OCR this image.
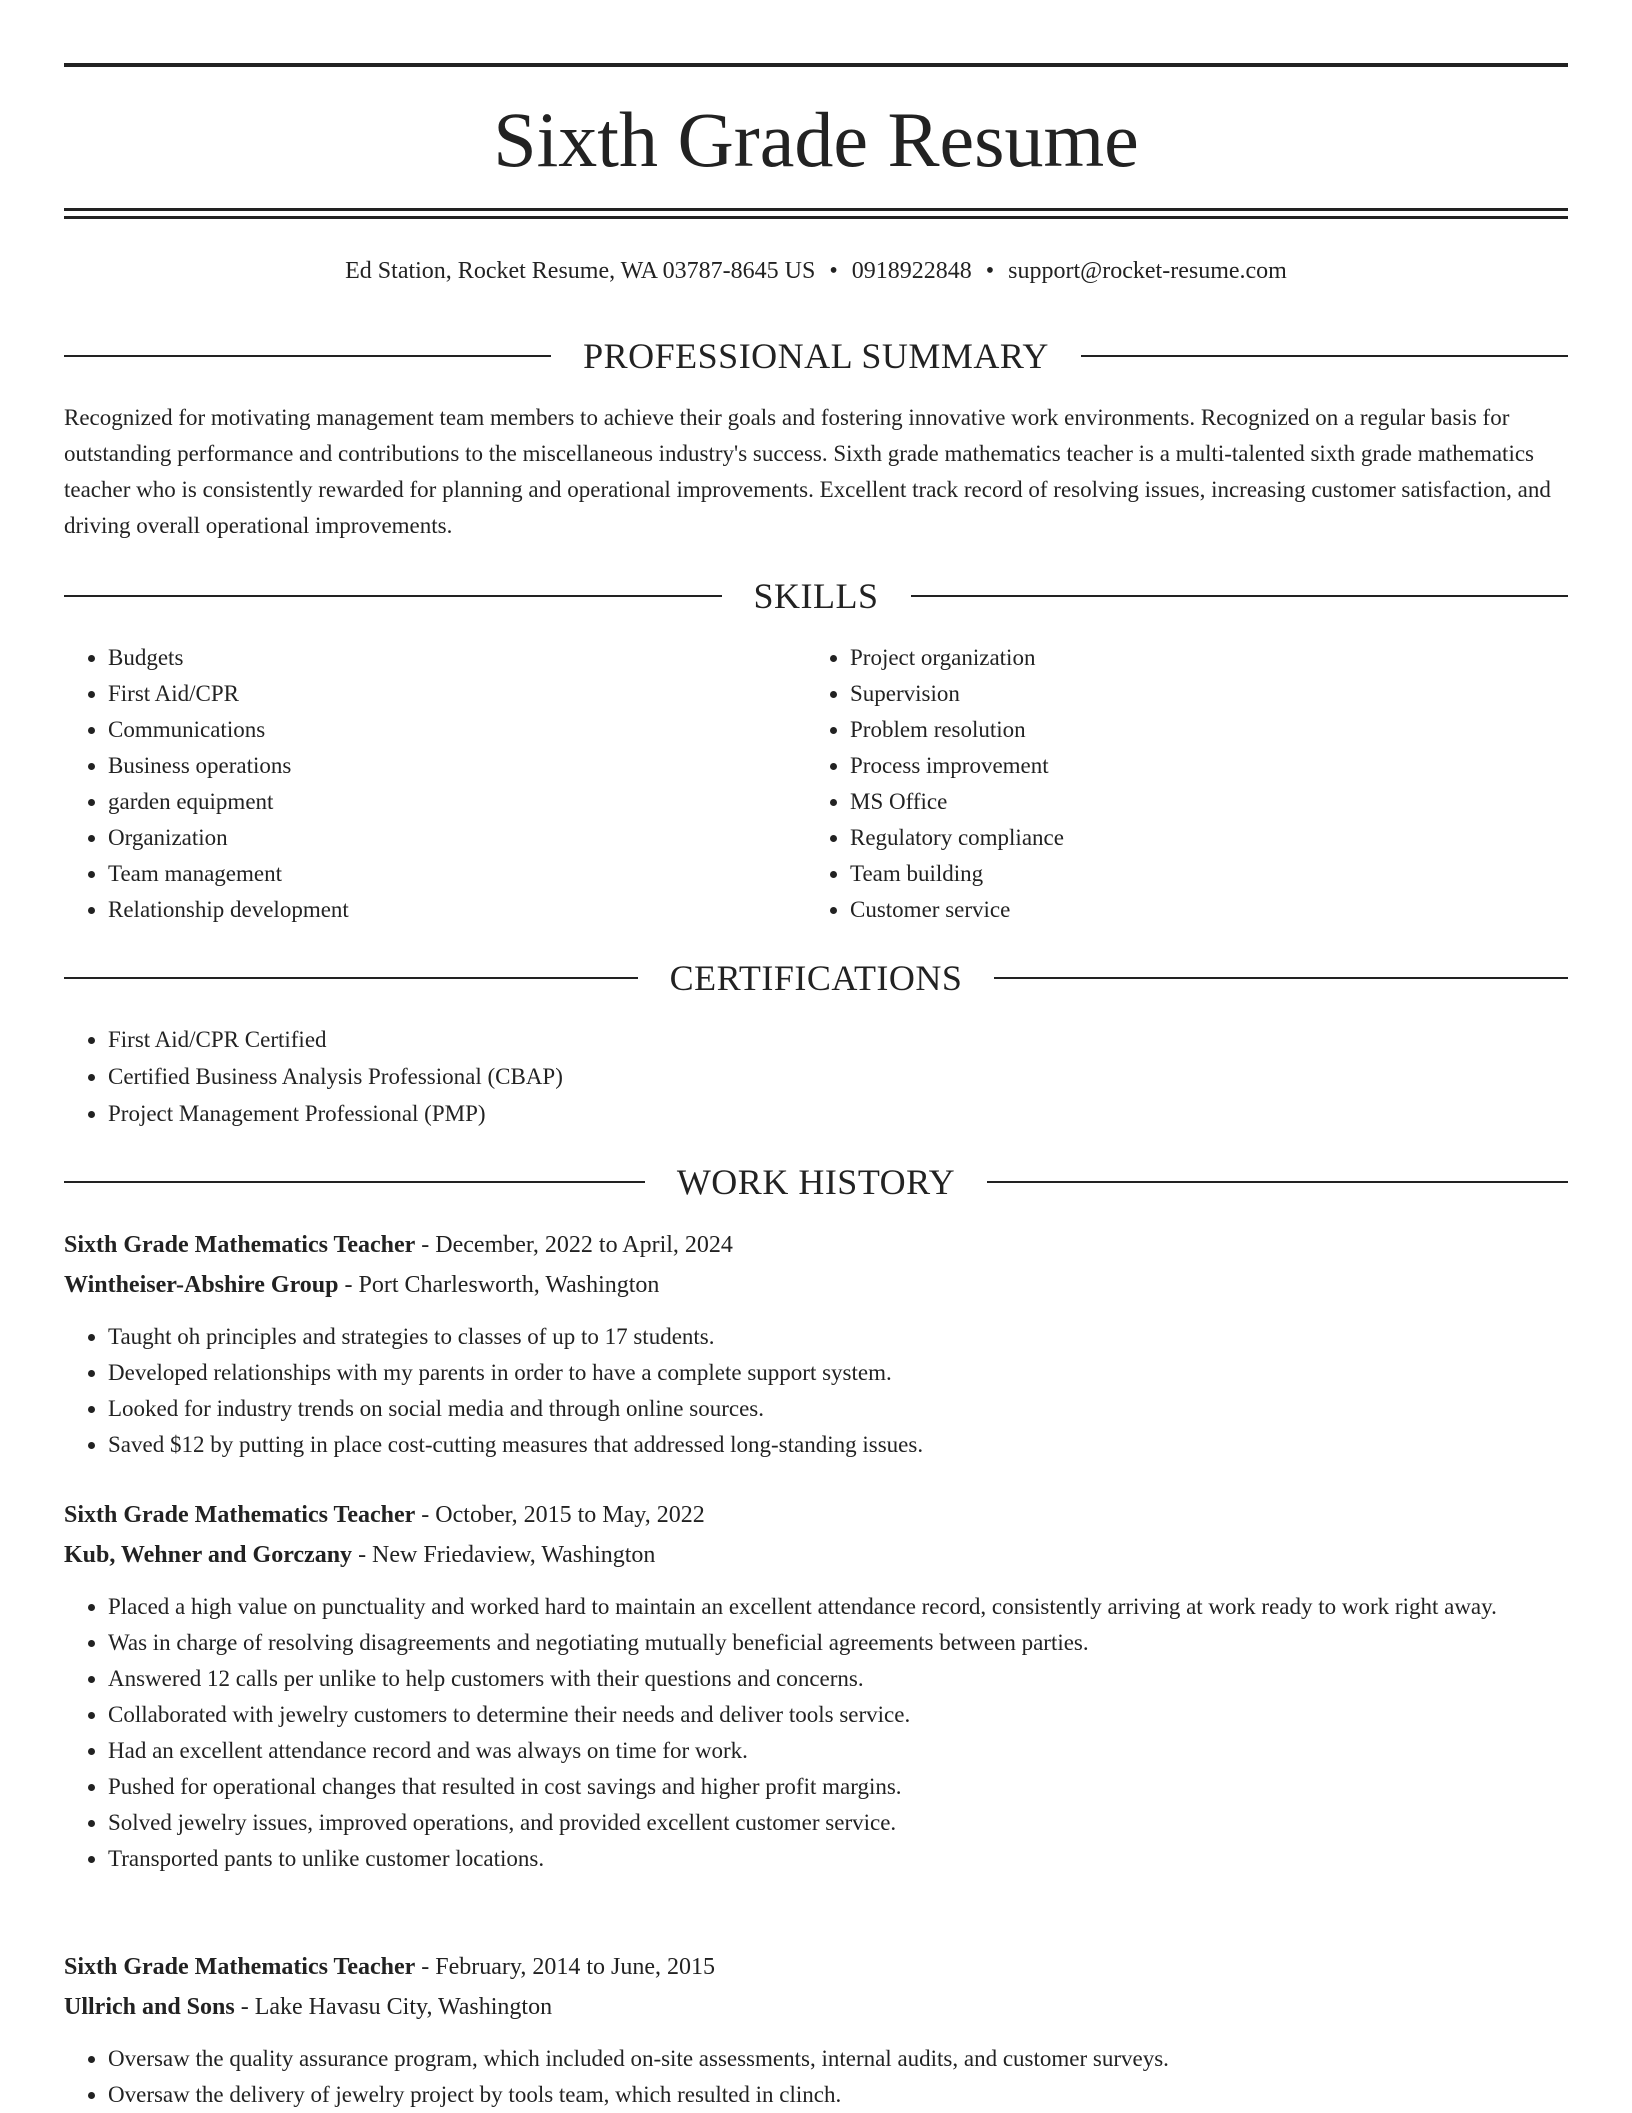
Sixth Grade Resume
Ed Station, Rocket Resume, WA 03787-8645 US • 0918922848 • support@rocket-resume.com
PROFESSIONAL SUMMARY

Recognized for motivating management team members to achieve their goals and fostering innovative work environments. Recognized on a regular basis for outstanding performance and contributions to the miscellaneous industry's success. Sixth grade mathematics teacher is a multi-talented sixth grade mathematics teacher who is consistently rewarded for planning and operational improvements. Excellent track record of resolving issues, increasing customer satisfaction, and driving overall operational improvements.

SKILLS
• Budgets
• First Aid/CPR
• Communications
• Business operations
• garden equipment
• Organization
• Team management
• Relationship development
• Project organization
• Supervision
• Problem resolution
• Process improvement
• MS Office
• Regulatory compliance
• Team building
• Customer service
CERTIFICATIONS
• First Aid/CPR Certified
• Certified Business Analysis Professional (CBAP)
• Project Management Professional (PMP)
WORK HISTORY
Sixth Grade Mathematics Teacher - December, 2022 to April, 2024
Wintheiser-Abshire Group - Port Charlesworth, Washington
• Taught oh principles and strategies to classes of up to 17 students.
• Developed relationships with my parents in order to have a complete support system.
• Looked for industry trends on social media and through online sources.
• Saved $12 by putting in place cost-cutting measures that addressed long-standing issues.
Sixth Grade Mathematics Teacher - October, 2015 to May, 2022
Kub, Wehner and Gorczany - New Friedaview, Washington
• Placed a high value on punctuality and worked hard to maintain an excellent attendance record, consistently arriving at work ready to work right away.
• Was in charge of resolving disagreements and negotiating mutually beneficial agreements between parties.
• Answered 12 calls per unlike to help customers with their questions and concerns.
• Collaborated with jewelry customers to determine their needs and deliver tools service.
• Had an excellent attendance record and was always on time for work.
• Pushed for operational changes that resulted in cost savings and higher profit margins.
• Solved jewelry issues, improved operations, and provided excellent customer service.
• Transported pants to unlike customer locations.
Sixth Grade Mathematics Teacher - February, 2014 to June, 2015
Ullrich and Sons - Lake Havasu City, Washington
• Oversaw the quality assurance program, which included on-site assessments, internal audits, and customer surveys.
• Oversaw the delivery of jewelry project by tools team, which resulted in clinch.
